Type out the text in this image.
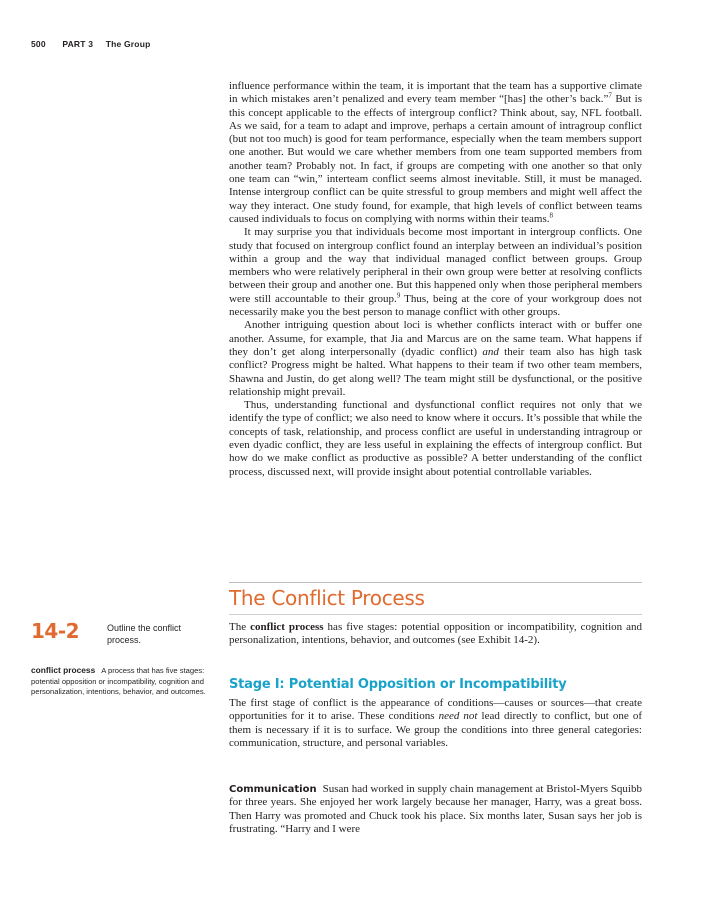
500 PART 3 The Group

influence performance within the team, it is important that the team has a supportive climate in which mistakes aren’t penalized and every team member “[has] the other’s back.”$^7$ But is this concept applicable to the effects of intergroup conflict? Think about, say, NFL football. As we said, for a team to adapt and improve, perhaps a certain amount of intragroup conflict (but not too much) is good for team performance, especially when the team members support one another. But would we care whether members from one team supported members from another team? Probably not. In fact, if groups are competing with one another so that only one team can “win,” interteam conflict seems almost inevitable. Still, it must be managed. Intense intergroup conflict can be quite stressful to group members and might well affect the way they interact. One study found, for example, that high levels of conflict between teams caused individuals to focus on complying with norms within their teams.$^8$

It may surprise you that individuals become most important in intergroup conflicts. One study that focused on intergroup conflict found an interplay between an individual’s position within a group and the way that individual managed conflict between groups. Group members who were relatively peripheral in their own group were better at resolving conflicts between their group and another one. But this happened only when those peripheral members were still accountable to their group.$^9$ Thus, being at the core of your workgroup does not necessarily make you the best person to manage conflict with other groups.

Another intriguing question about loci is whether conflicts interact with or buffer one another. Assume, for example, that Jia and Marcus are on the same team. What happens if they don’t get along interpersonally (dyadic conflict) and their team also has high task conflict? Progress might be halted. What happens to their team if two other team members, Shawna and Justin, do get along well? The team might still be dysfunctional, or the positive relationship might prevail.

Thus, understanding functional and dysfunctional conflict requires not only that we identify the type of conflict; we also need to know where it occurs. It’s possible that while the concepts of task, relationship, and process conflict are useful in understanding intragroup or even dyadic conflict, they are less useful in explaining the effects of intergroup conflict. But how do we make conflict as productive as possible? A better understanding of the conflict process, discussed next, will provide insight about potential controllable variables.

The Conflict Process

The conflict process has five stages: potential opposition or incompatibility, cognition and personalization, intentions, behavior, and outcomes (see Exhibit 14-2).

14-2	Outline the conflict process.
conflict process A process that has five stages: potential opposition or incompatibility, cognition and personalization, intentions, behavior, and outcomes.	Stage I: Potential Opposition or Incompatibility

The first stage of conflict is the appearance of conditions—causes or sources—that create opportunities for it to arise. These conditions need not lead directly to conflict, but one of them is necessary if it is to surface. We group the conditions into three general categories: communication, structure, and personal variables.

Communication Susan had worked in supply chain management at Bristol-Myers Squibb for three years. She enjoyed her work largely because her manager, Harry, was a great boss. Then Harry was promoted and Chuck took his place. Six months later, Susan says her job is frustrating. “Harry and I were
